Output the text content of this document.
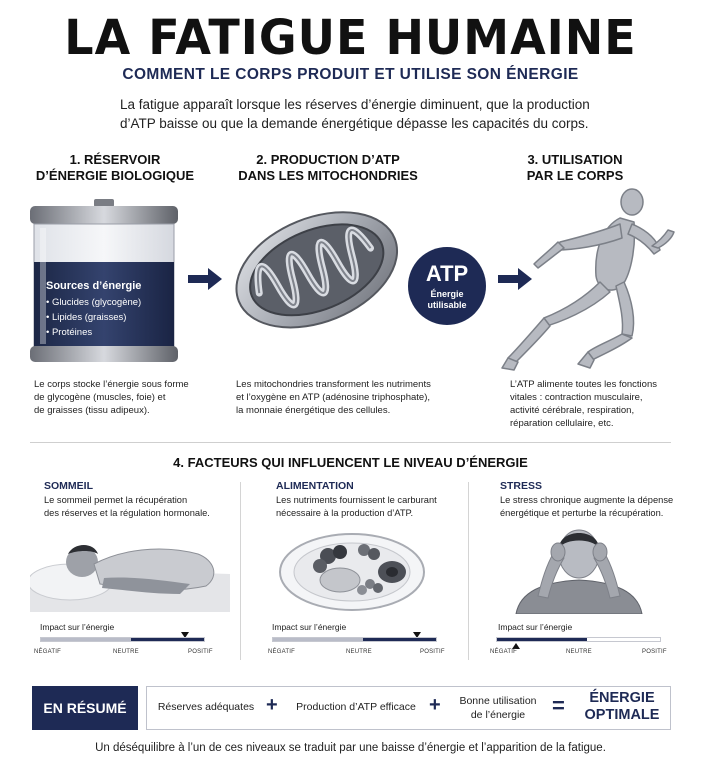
LA FATIGUE HUMAINE
COMMENT LE CORPS PRODUIT ET UTILISE SON ÉNERGIE
La fatigue apparaît lorsque les réserves d’énergie diminuent, que la production
d’ATP baisse ou que la demande énergétique dépasse les capacités du corps.
1. RÉSERVOIR
D’ÉNERGIE BIOLOGIQUE
Sources d’énergie
• Glucides (glycogène)
• Lipides (graisses)
• Protéines
Le corps stocke l’énergie sous forme
de glycogène (muscles, foie) et
de graisses (tissu adipeux).
2. PRODUCTION D’ATP
DANS LES MITOCHONDRIES
Les mitochondries transforment les nutriments
et l’oxygène en ATP (adénosine triphosphate),
la monnaie énergétique des cellules.
ATP
Énergie
utilisable
3. UTILISATION
PAR LE CORPS
L’ATP alimente toutes les fonctions
vitales : contraction musculaire,
activité cérébrale, respiration,
réparation cellulaire, etc.
4. FACTEURS QUI INFLUENCENT LE NIVEAU D’ÉNERGIE
SOMMEIL
Le sommeil permet la récupération
des réserves et la régulation hormonale.
Impact sur l’énergie
NÉGATIF	NEUTRE	POSITIF
ALIMENTATION
Les nutriments fournissent le carburant
nécessaire à la production d’ATP.
Impact sur l’énergie
NÉGATIF	NEUTRE	POSITIF
STRESS
Le stress chronique augmente la dépense
énergétique et perturbe la récupération.
Impact sur l’énergie
NÉGATIF	NEUTRE	POSITIF
EN RÉSUMÉ	Réserves adéquates +	Production d’ATP efficace +	Bonne utilisation
de l’énergie	=	ÉNERGIE
OPTIMALE
Un déséquilibre à l’un de ces niveaux se traduit par une baisse d’énergie et l’apparition de la fatigue.
